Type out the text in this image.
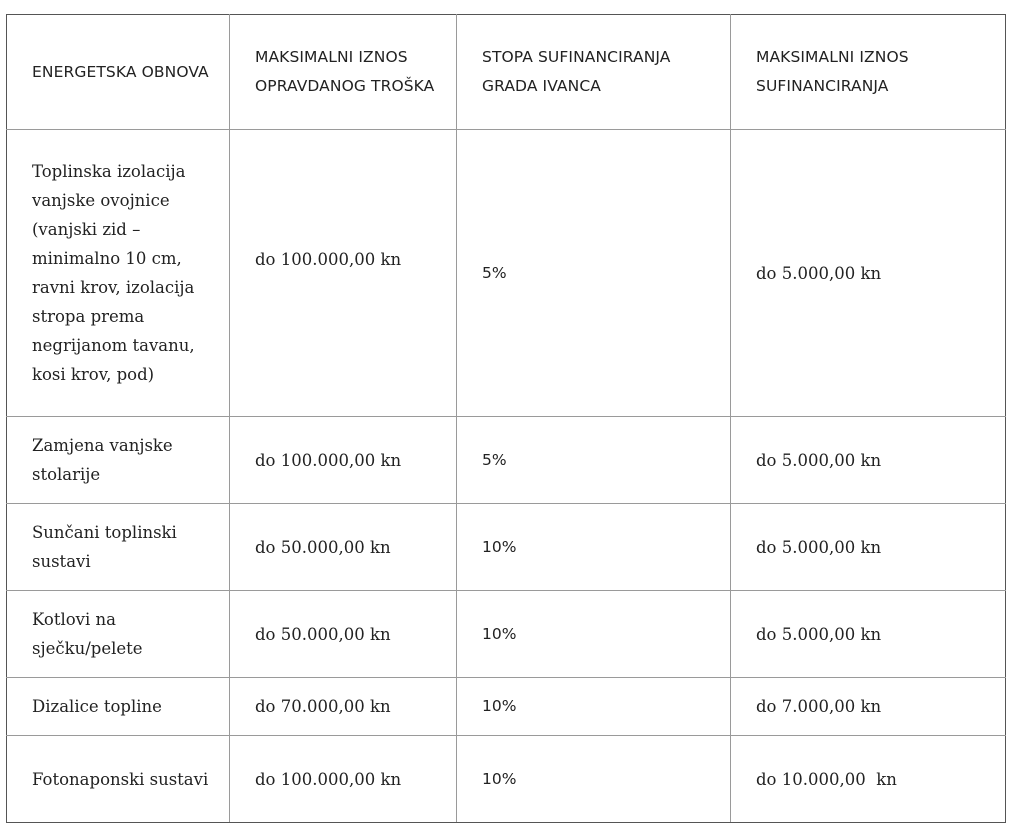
ENERGETSKA OBNOVA	MAKSIMALNI IZNOS OPRAVDANOG TROŠKA	STOPA SUFINANCIRANJA GRADA IVANCA	MAKSIMALNI IZNOS SUFINANCIRANJA
Toplinska izolacija vanjske ovojnice (vanjski zid – minimalno 10 cm, ravni krov, izolacija stropa prema negrijanom tavanu, kosi krov, pod)	do 100.000,00 kn	5%	do 5.000,00 kn
Zamjena vanjske stolarije	do 100.000,00 kn	5%	do 5.000,00 kn
Sunčani toplinski sustavi	do 50.000,00 kn	10%	do 5.000,00 kn
Kotlovi na sječku/pelete	do 50.000,00 kn	10%	do 5.000,00 kn
Dizalice topline	do 70.000,00 kn	10%	do 7.000,00 kn
Fotonaponski sustavi	do 100.000,00 kn	10%	do 10.000,00  kn
